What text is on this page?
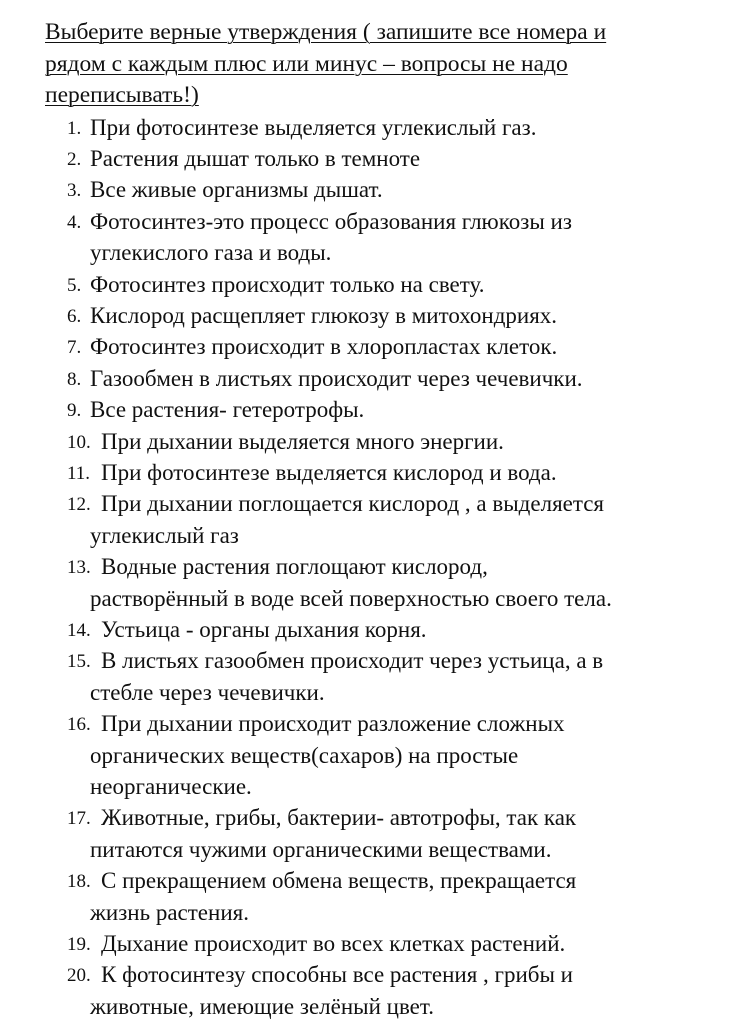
Выберите верные утверждения ( запишите все номера и
рядом с каждым плюс или минус – вопросы не надо
переписывать!)
1. При фотосинтезе выделяется углекислый газ.
2. Растения дышат только в темноте
3. Все живые организмы дышат.
4. Фотосинтез-это процесс образования глюкозы из
углекислого газа и воды.
5. Фотосинтез происходит только на свету.
6. Кислород расщепляет глюкозу в митохондриях.
7. Фотосинтез происходит в хлоропластах клеток.
8. Газообмен в листьях происходит через чечевички.
9. Все растения- гетеротрофы.
10. При дыхании выделяется много энергии.
11. При фотосинтезе выделяется кислород и вода.
12. При дыхании поглощается кислород , а выделяется
углекислый газ
13. Водные растения поглощают кислород,
растворённый в воде всей поверхностью своего тела.
14. Устьица - органы дыхания корня.
15. В листьях газообмен происходит через устьица, а в
стебле через чечевички.
16. При дыхании происходит разложение сложных
органических веществ(сахаров) на простые
неорганические.
17. Животные, грибы, бактерии- автотрофы, так как
питаются чужими органическими веществами.
18. С прекращением обмена веществ, прекращается
жизнь растения.
19. Дыхание происходит во всех клетках растений.
20. К фотосинтезу способны все растения , грибы и
животные, имеющие зелёный цвет.
